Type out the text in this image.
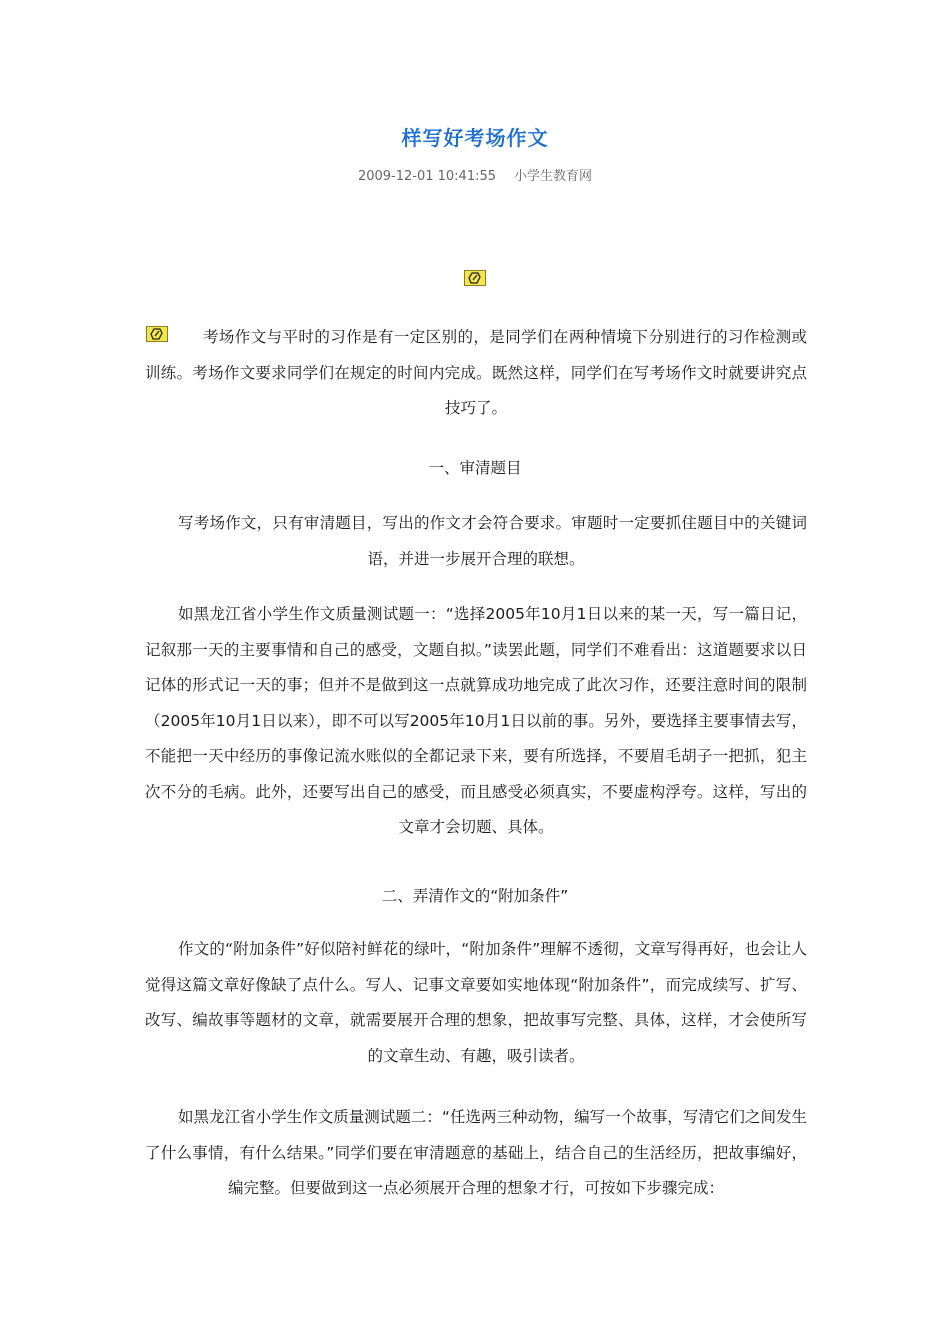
样写好考场作文
2009-12-01 10:41:55 小学生教育网

考场作文与平时的习作是有一定区别的，是同学们在两种情境下分别进行的习作检测或训练。考场作文要求同学们在规定的时间内完成。既然这样，同学们在写考场作文时就要讲究点技巧了。

一、审清题目

写考场作文，只有审清题目，写出的作文才会符合要求。审题时一定要抓住题目中的关键词语，并进一步展开合理的联想。

如黑龙江省小学生作文质量测试题一：“选择2005年10月1日以来的某一天，写一篇日记，记叙那一天的主要事情和自己的感受，文题自拟。”读罢此题，同学们不难看出：这道题要求以日记体的形式记一天的事；但并不是做到这一点就算成功地完成了此次习作，还要注意时间的限制（2005年10月1日以来），即不可以写2005年10月1日以前的事。另外，要选择主要事情去写，不能把一天中经历的事像记流水账似的全都记录下来，要有所选择，不要眉毛胡子一把抓，犯主次不分的毛病。此外，还要写出自己的感受，而且感受必须真实，不要虚构浮夸。这样，写出的文章才会切题、具体。

二、弄清作文的“附加条件”

作文的“附加条件”好似陪衬鲜花的绿叶，“附加条件”理解不透彻，文章写得再好，也会让人觉得这篇文章好像缺了点什么。写人、记事文章要如实地体现“附加条件”，而完成续写、扩写、改写、编故事等题材的文章，就需要展开合理的想象，把故事写完整、具体，这样，才会使所写的文章生动、有趣，吸引读者。

如黑龙江省小学生作文质量测试题二：“任选两三种动物，编写一个故事，写清它们之间发生了什么事情，有什么结果。”同学们要在审清题意的基础上，结合自己的生活经历，把故事编好，编完整。但要做到这一点必须展开合理的想象才行，可按如下步骤完成：
